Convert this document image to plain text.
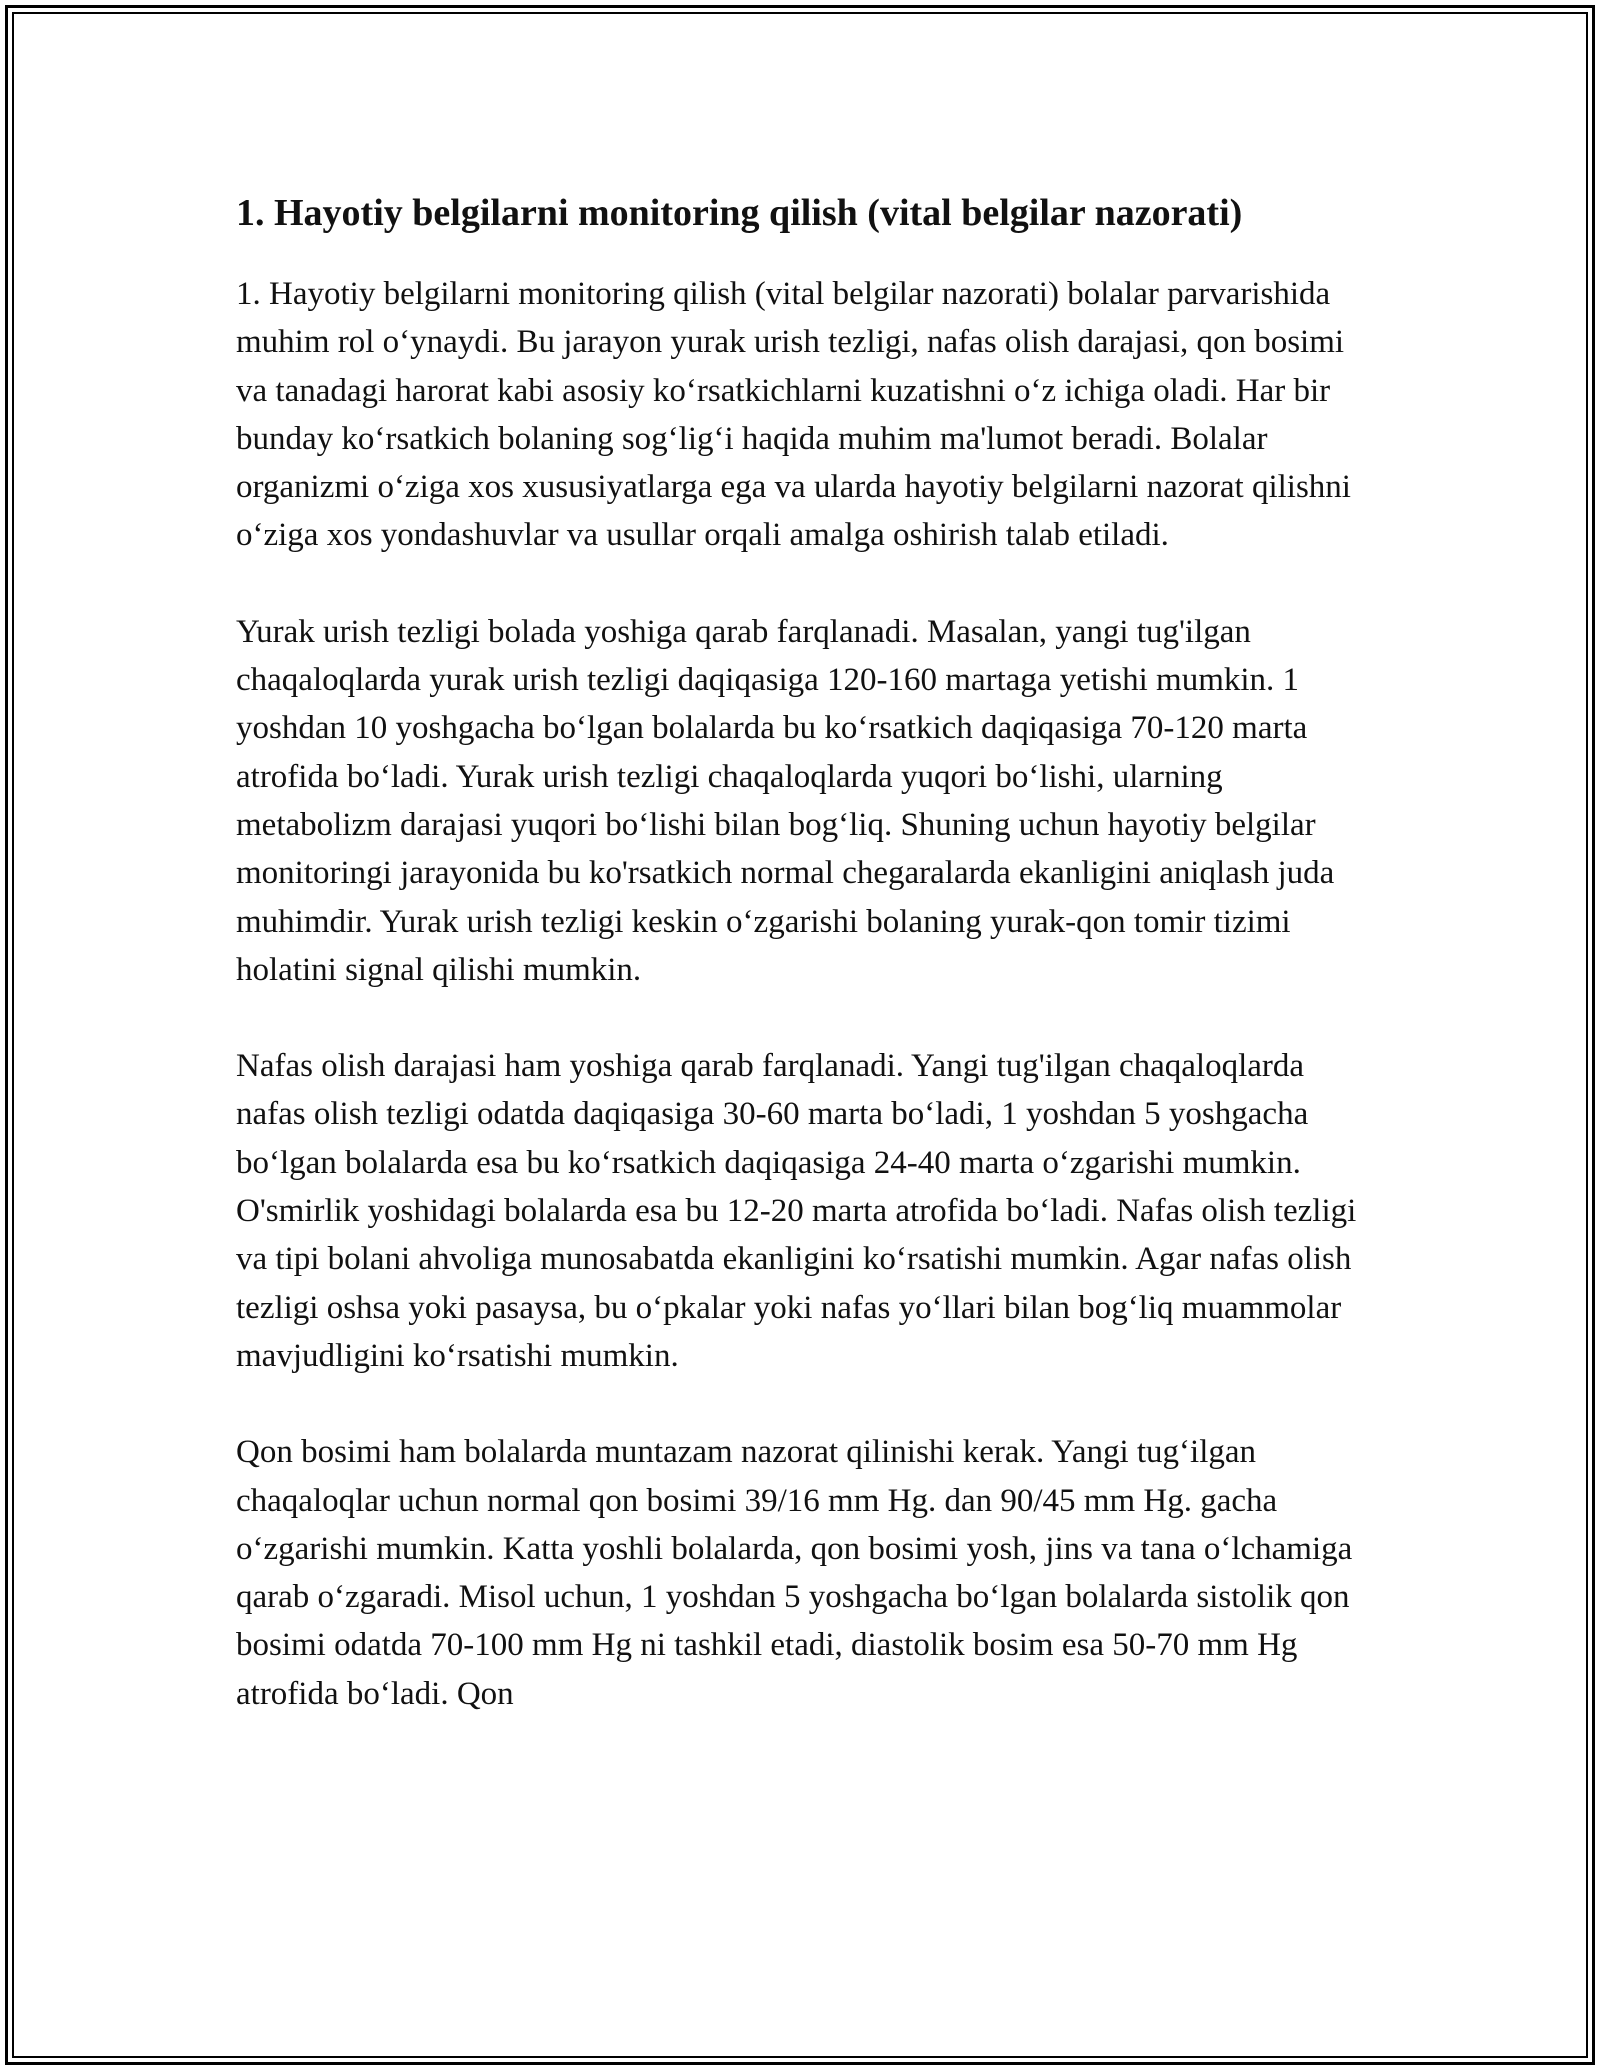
1. Hayotiy belgilarni monitoring qilish (vital belgilar nazorati)

1. Hayotiy belgilarni monitoring qilish (vital belgilar nazorati) bolalar parvarishida muhim rol o‘ynaydi. Bu jarayon yurak urish tezligi, nafas olish darajasi, qon bosimi va tanadagi harorat kabi asosiy ko‘rsatkichlarni kuzatishni o‘z ichiga oladi. Har bir bunday ko‘rsatkich bolaning sog‘lig‘i haqida muhim ma'lumot beradi. Bolalar organizmi o‘ziga xos xususiyatlarga ega va ularda hayotiy belgilarni nazorat qilishni o‘ziga xos yondashuvlar va usullar orqali amalga oshirish talab etiladi.

Yurak urish tezligi bolada yoshiga qarab farqlanadi. Masalan, yangi tug'ilgan chaqaloqlarda yurak urish tezligi daqiqasiga 120-160 martaga yetishi mumkin. 1 yoshdan 10 yoshgacha bo‘lgan bolalarda bu ko‘rsatkich daqiqasiga 70-120 marta atrofida bo‘ladi. Yurak urish tezligi chaqaloqlarda yuqori bo‘lishi, ularning metabolizm darajasi yuqori bo‘lishi bilan bog‘liq. Shuning uchun hayotiy belgilar monitoringi jarayonida bu ko'rsatkich normal chegaralarda ekanligini aniqlash juda muhimdir. Yurak urish tezligi keskin o‘zgarishi bolaning yurak-qon tomir tizimi holatini signal qilishi mumkin.

Nafas olish darajasi ham yoshiga qarab farqlanadi. Yangi tug'ilgan chaqaloqlarda nafas olish tezligi odatda daqiqasiga 30-60 marta bo‘ladi, 1 yoshdan 5 yoshgacha bo‘lgan bolalarda esa bu ko‘rsatkich daqiqasiga 24-40 marta o‘zgarishi mumkin. O'smirlik yoshidagi bolalarda esa bu 12-20 marta atrofida bo‘ladi. Nafas olish tezligi va tipi bolani ahvoliga munosabatda ekanligini ko‘rsatishi mumkin. Agar nafas olish tezligi oshsa yoki pasaysa, bu o‘pkalar yoki nafas yo‘llari bilan bog‘liq muammolar mavjudligini ko‘rsatishi mumkin.

Qon bosimi ham bolalarda muntazam nazorat qilinishi kerak. Yangi tug‘ilgan chaqaloqlar uchun normal qon bosimi 39/16 mm Hg. dan 90/45 mm Hg. gacha o‘zgarishi mumkin. Katta yoshli bolalarda, qon bosimi yosh, jins va tana o‘lchamiga qarab o‘zgaradi. Misol uchun, 1 yoshdan 5 yoshgacha bo‘lgan bolalarda sistolik qon bosimi odatda 70-100 mm Hg ni tashkil etadi, diastolik bosim esa 50-70 mm Hg atrofida bo‘ladi. Qon
